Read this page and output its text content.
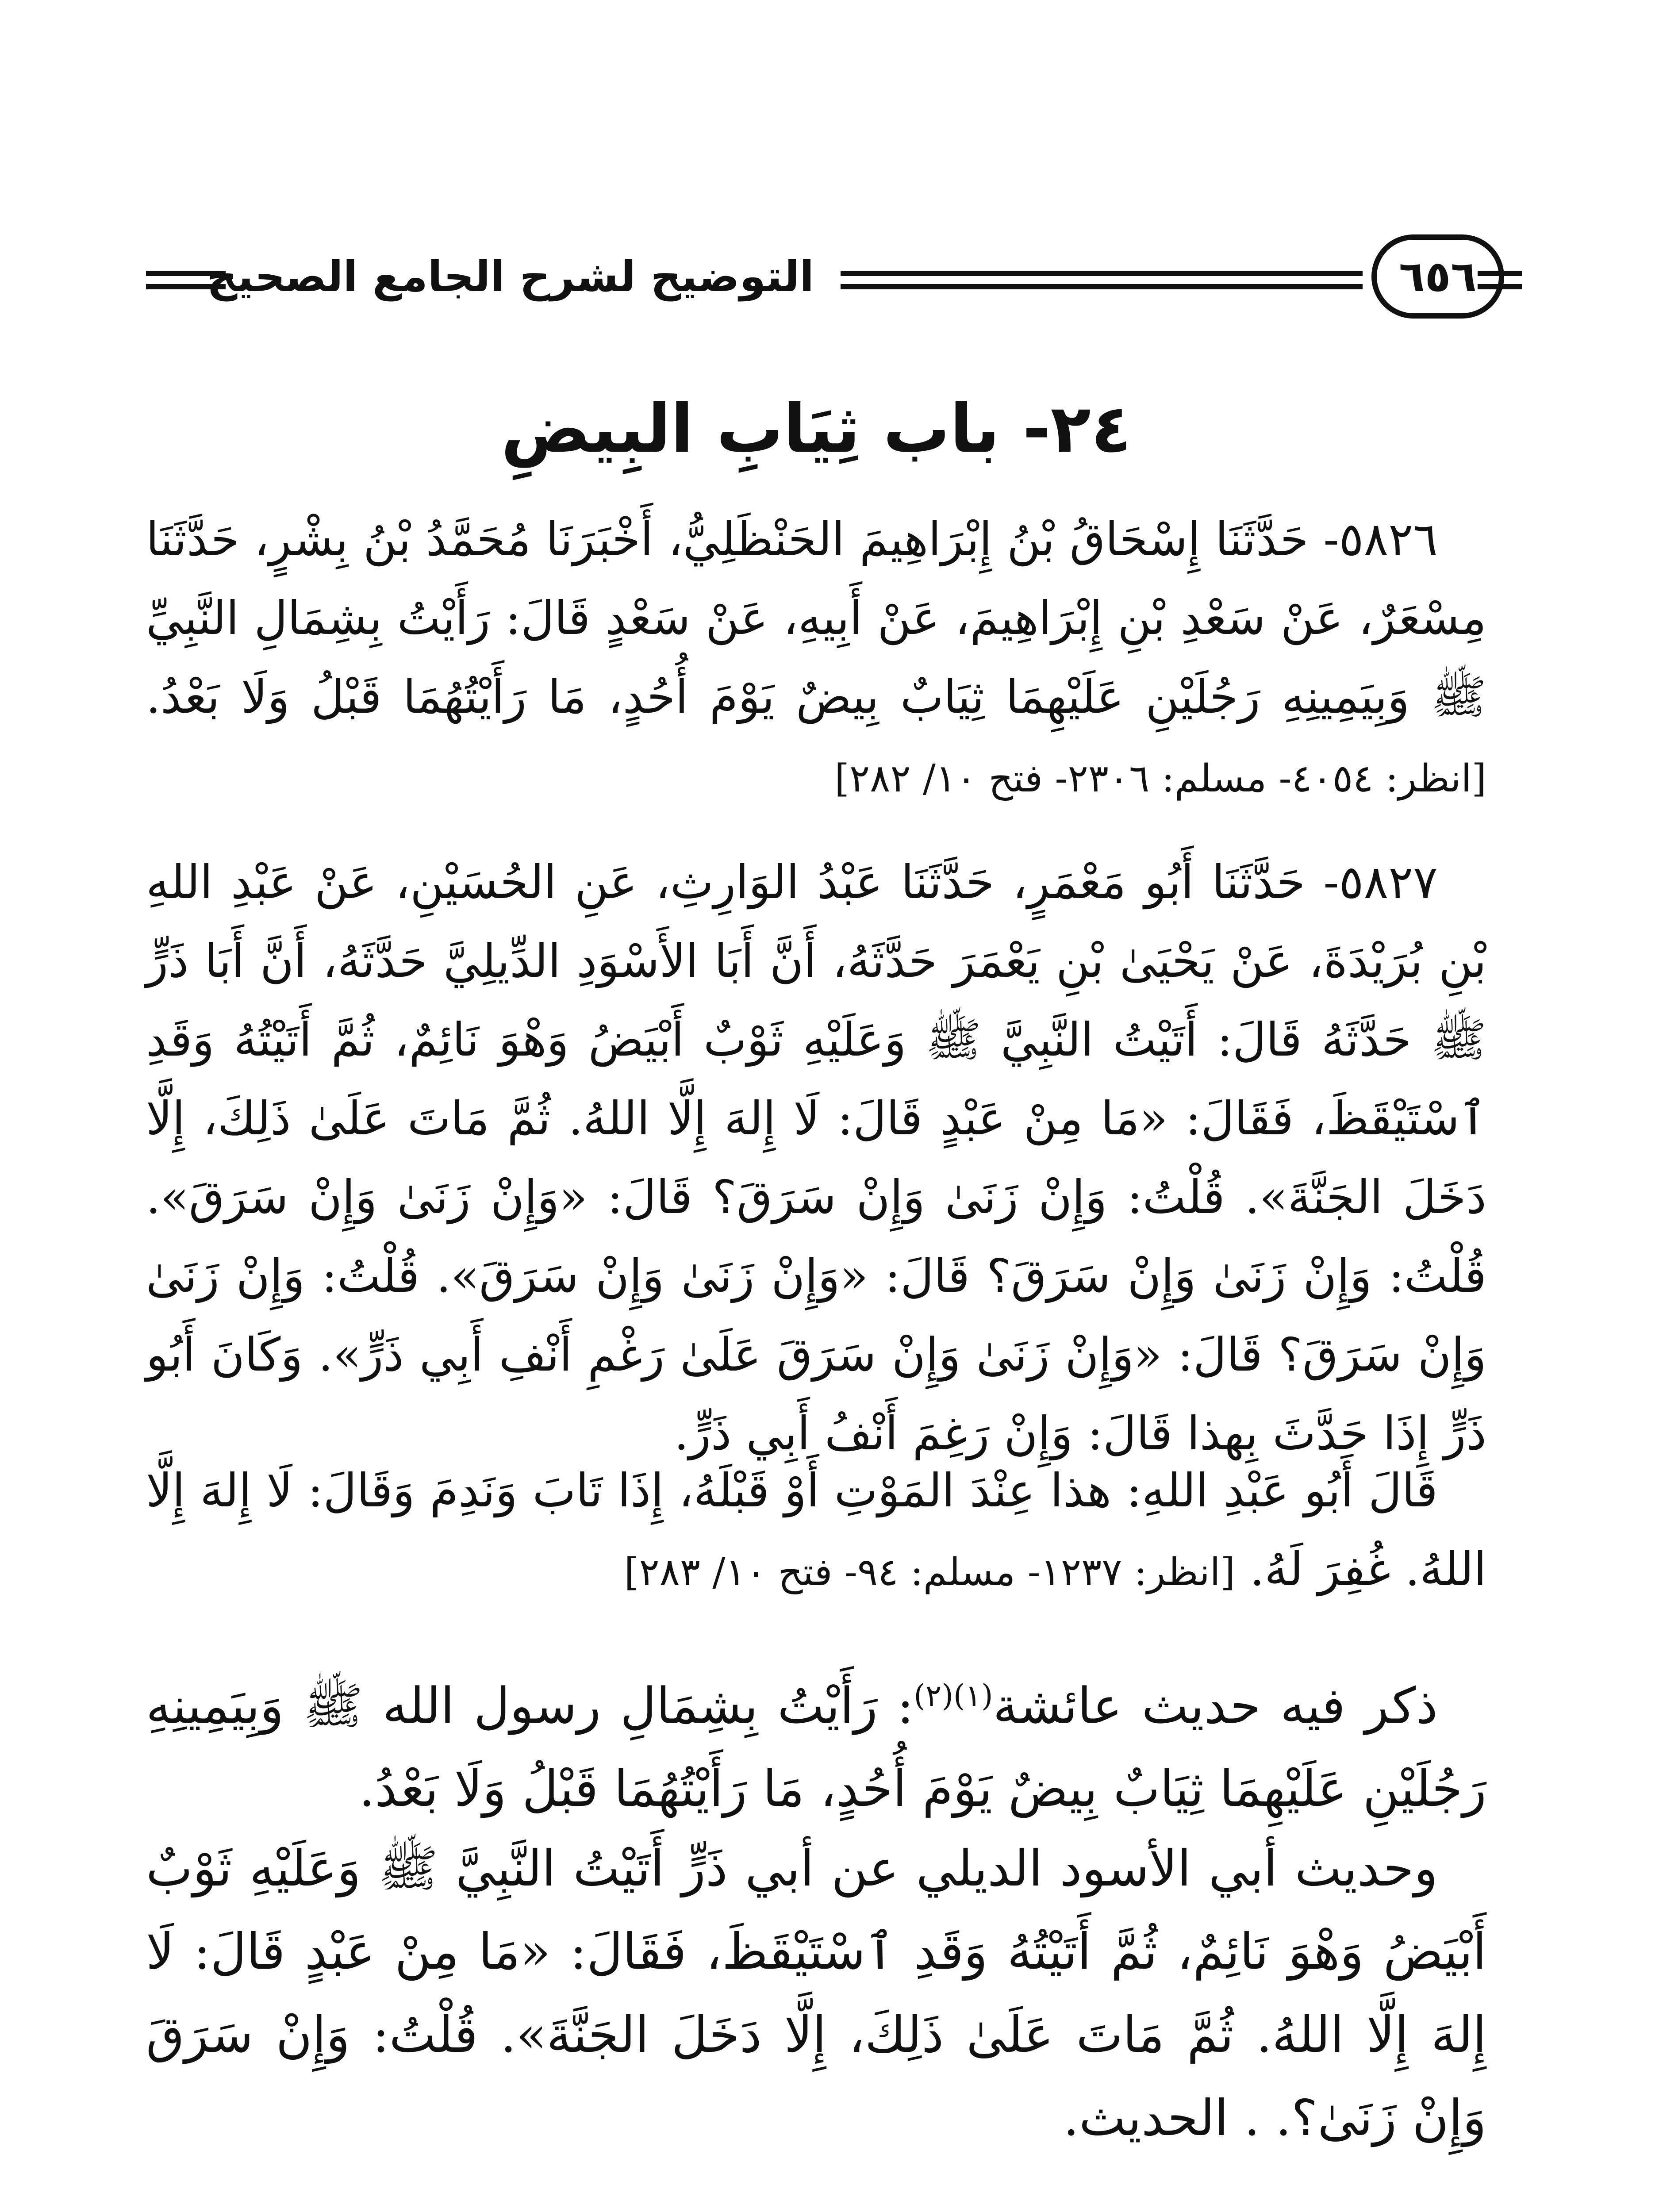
التوضيح لشرح الجامع الصحيح	٦٥٦
٢٤- باب ثِيَابِ البِيضِ

٥٨٢٦- حَدَّثَنَا إِسْحَاقُ بْنُ إِبْرَاهِيمَ الحَنْظَلِيُّ، أَخْبَرَنَا مُحَمَّدُ بْنُ بِشْرٍ، حَدَّثَنَا مِسْعَرٌ، عَنْ سَعْدِ بْنِ إِبْرَاهِيمَ، عَنْ أَبِيهِ، عَنْ سَعْدٍ قَالَ: رَأَيْتُ بِشِمَالِ النَّبِيِّ ﷺ وَبِيَمِينِهِ رَجُلَيْنِ عَلَيْهِمَا ثِيَابٌ بِيضٌ يَوْمَ أُحُدٍ، مَا رَأَيْتُهُمَا قَبْلُ وَلَا بَعْدُ. [انظر: ٤٠٥٤- مسلم: ٢٣٠٦- فتح ١٠/ ٢٨٢]

٥٨٢٧- حَدَّثَنَا أَبُو مَعْمَرٍ، حَدَّثَنَا عَبْدُ الوَارِثِ، عَنِ الحُسَيْنِ، عَنْ عَبْدِ اللهِ بْنِ بُرَيْدَةَ، عَنْ يَحْيَىٰ بْنِ يَعْمَرَ حَدَّثَهُ، أَنَّ أَبَا الأَسْوَدِ الدِّيلِيَّ حَدَّثَهُ، أَنَّ أَبَا ذَرٍّ ﷺ حَدَّثَهُ قَالَ: أَتَيْتُ النَّبِيَّ ﷺ وَعَلَيْهِ ثَوْبٌ أَبْيَضُ وَهْوَ نَائِمٌ، ثُمَّ أَتَيْتُهُ وَقَدِ ٱسْتَيْقَظَ، فَقَالَ: «مَا مِنْ عَبْدٍ قَالَ: لَا إِلهَ إِلَّا اللهُ. ثُمَّ مَاتَ عَلَىٰ ذَلِكَ، إِلَّا دَخَلَ الجَنَّةَ». قُلْتُ: وَإِنْ زَنَىٰ وَإِنْ سَرَقَ؟ قَالَ: «وَإِنْ زَنَىٰ وَإِنْ سَرَقَ». قُلْتُ: وَإِنْ زَنَىٰ وَإِنْ سَرَقَ؟ قَالَ: «وَإِنْ زَنَىٰ وَإِنْ سَرَقَ». قُلْتُ: وَإِنْ زَنَىٰ وَإِنْ سَرَقَ؟ قَالَ: «وَإِنْ زَنَىٰ وَإِنْ سَرَقَ عَلَىٰ رَغْمِ أَنْفِ أَبِي ذَرٍّ». وَكَانَ أَبُو ذَرٍّ إِذَا حَدَّثَ بِهذا قَالَ: وَإِنْ رَغِمَ أَنْفُ أَبِي ذَرٍّ.

قَالَ أَبُو عَبْدِ اللهِ: هذا عِنْدَ المَوْتِ أَوْ قَبْلَهُ، إِذَا تَابَ وَنَدِمَ وَقَالَ: لَا إِلهَ إِلَّا اللهُ. غُفِرَ لَهُ. [انظر: ١٢٣٧- مسلم: ٩٤- فتح ١٠/ ٢٨٣]

ذكر فيه حديث عائشة$^{(١)(٢)}$: رَأَيْتُ بِشِمَالِ رسول الله ﷺ وَبِيَمِينِهِ رَجُلَيْنِ عَلَيْهِمَا ثِيَابٌ بِيضٌ يَوْمَ أُحُدٍ، مَا رَأَيْتُهُمَا قَبْلُ وَلَا بَعْدُ.

وحديث أبي الأسود الديلي عن أبي ذَرٍّ أَتَيْتُ النَّبِيَّ ﷺ وَعَلَيْهِ ثَوْبٌ أَبْيَضُ وَهْوَ نَائِمٌ، ثُمَّ أَتَيْتُهُ وَقَدِ ٱسْتَيْقَظَ، فَقَالَ: «مَا مِنْ عَبْدٍ قَالَ: لَا إِلهَ إِلَّا اللهُ. ثُمَّ مَاتَ عَلَىٰ ذَلِكَ، إِلَّا دَخَلَ الجَنَّةَ». قُلْتُ: وَإِنْ سَرَقَ وَإِنْ زَنَىٰ؟. . الحديث.
